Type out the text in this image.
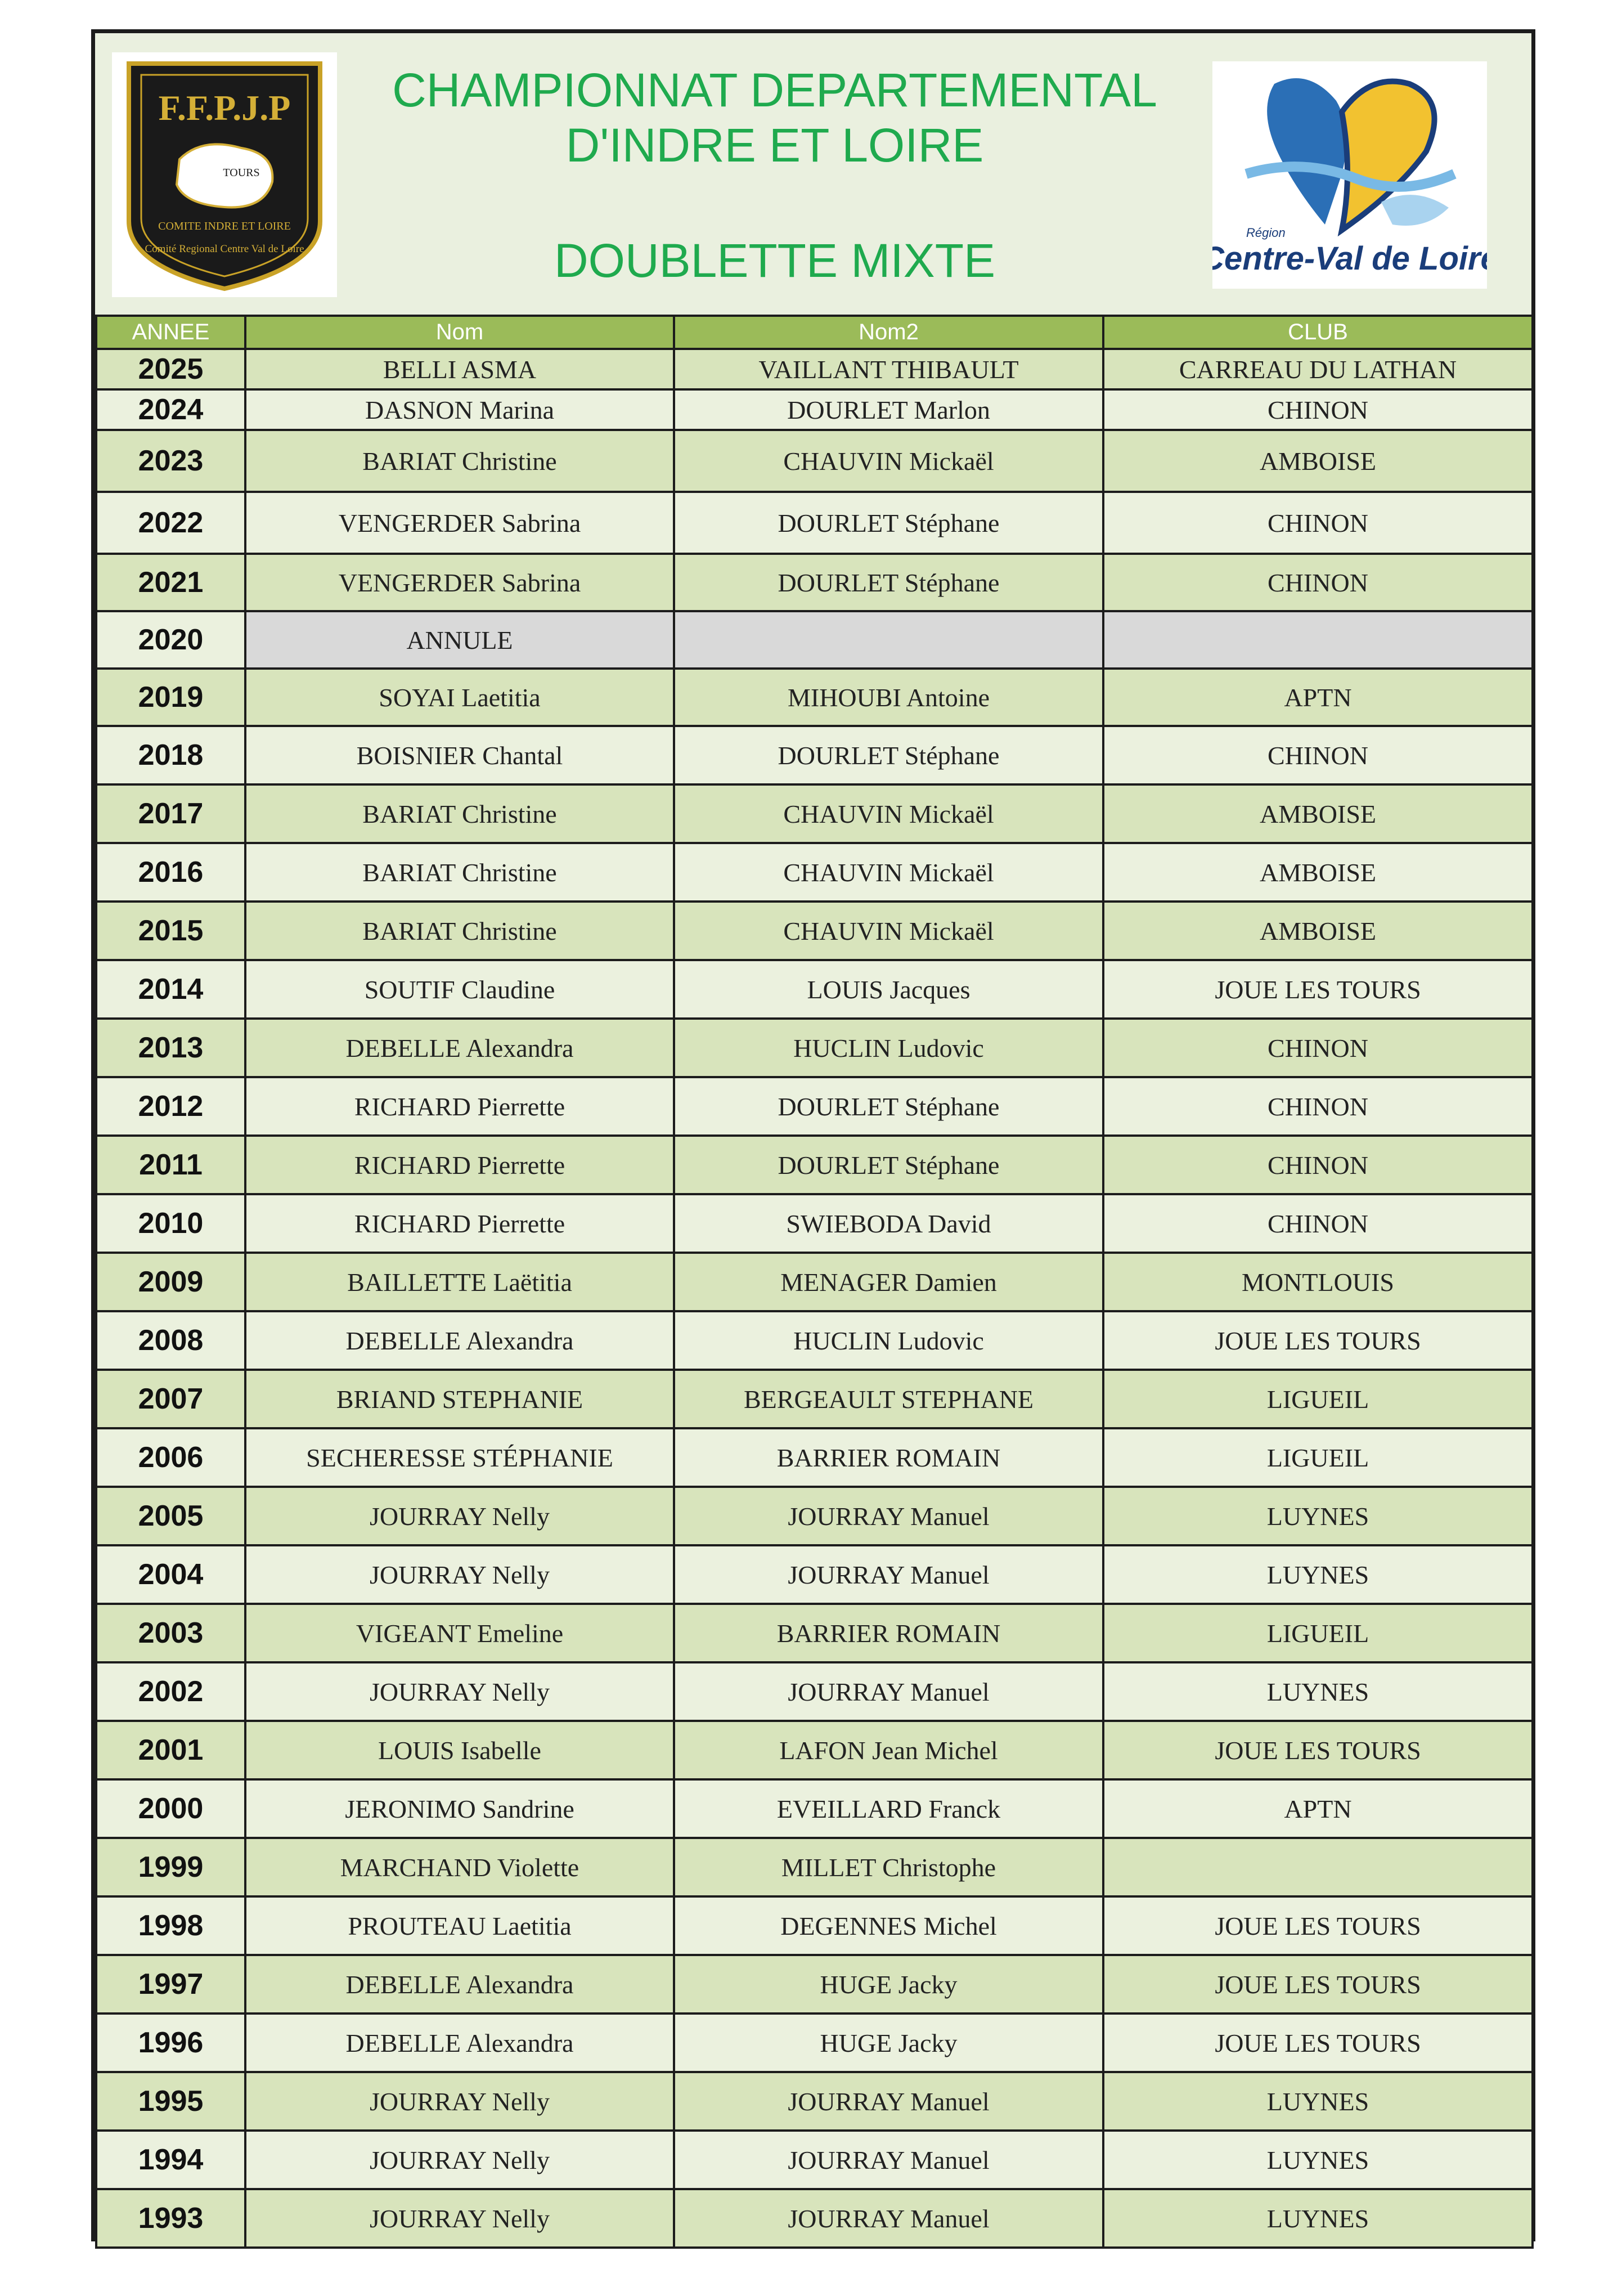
F.F.P.J.P
TOURS
COMITE INDRE ET LOIRE
Comité Regional Centre Val de Loire
CHAMPIONNAT DEPARTEMENTAL
D'INDRE ET LOIRE
DOUBLETTE MIXTE
Région
Centre-Val de Loire
ANNEE	Nom	Nom2	CLUB
2025	BELLI ASMA	VAILLANT THIBAULT	CARREAU DU LATHAN
2024	DASNON Marina	DOURLET Marlon	CHINON
2023	BARIAT Christine	CHAUVIN Mickaël	AMBOISE
2022	VENGERDER Sabrina	DOURLET Stéphane	CHINON
2021	VENGERDER Sabrina	DOURLET Stéphane	CHINON
2020	ANNULE		
2019	SOYAI Laetitia	MIHOUBI Antoine	APTN
2018	BOISNIER Chantal	DOURLET Stéphane	CHINON
2017	BARIAT Christine	CHAUVIN Mickaël	AMBOISE
2016	BARIAT Christine	CHAUVIN Mickaël	AMBOISE
2015	BARIAT Christine	CHAUVIN Mickaël	AMBOISE
2014	SOUTIF Claudine	LOUIS Jacques	JOUE LES TOURS
2013	DEBELLE Alexandra	HUCLIN Ludovic	CHINON
2012	RICHARD Pierrette	DOURLET Stéphane	CHINON
2011	RICHARD Pierrette	DOURLET Stéphane	CHINON
2010	RICHARD Pierrette	SWIEBODA David	CHINON
2009	BAILLETTE Laëtitia	MENAGER Damien	MONTLOUIS
2008	DEBELLE Alexandra	HUCLIN Ludovic	JOUE LES TOURS
2007	BRIAND STEPHANIE	BERGEAULT STEPHANE	LIGUEIL
2006	SECHERESSE STÉPHANIE	BARRIER ROMAIN	LIGUEIL
2005	JOURRAY Nelly	JOURRAY Manuel	LUYNES
2004	JOURRAY Nelly	JOURRAY Manuel	LUYNES
2003	VIGEANT Emeline	BARRIER ROMAIN	LIGUEIL
2002	JOURRAY Nelly	JOURRAY Manuel	LUYNES
2001	LOUIS Isabelle	LAFON Jean Michel	JOUE LES TOURS
2000	JERONIMO Sandrine	EVEILLARD Franck	APTN
1999	MARCHAND Violette	MILLET Christophe	
1998	PROUTEAU Laetitia	DEGENNES Michel	JOUE LES TOURS
1997	DEBELLE Alexandra	HUGE Jacky	JOUE LES TOURS
1996	DEBELLE Alexandra	HUGE Jacky	JOUE LES TOURS
1995	JOURRAY Nelly	JOURRAY Manuel	LUYNES
1994	JOURRAY Nelly	JOURRAY Manuel	LUYNES
1993	JOURRAY Nelly	JOURRAY Manuel	LUYNES
